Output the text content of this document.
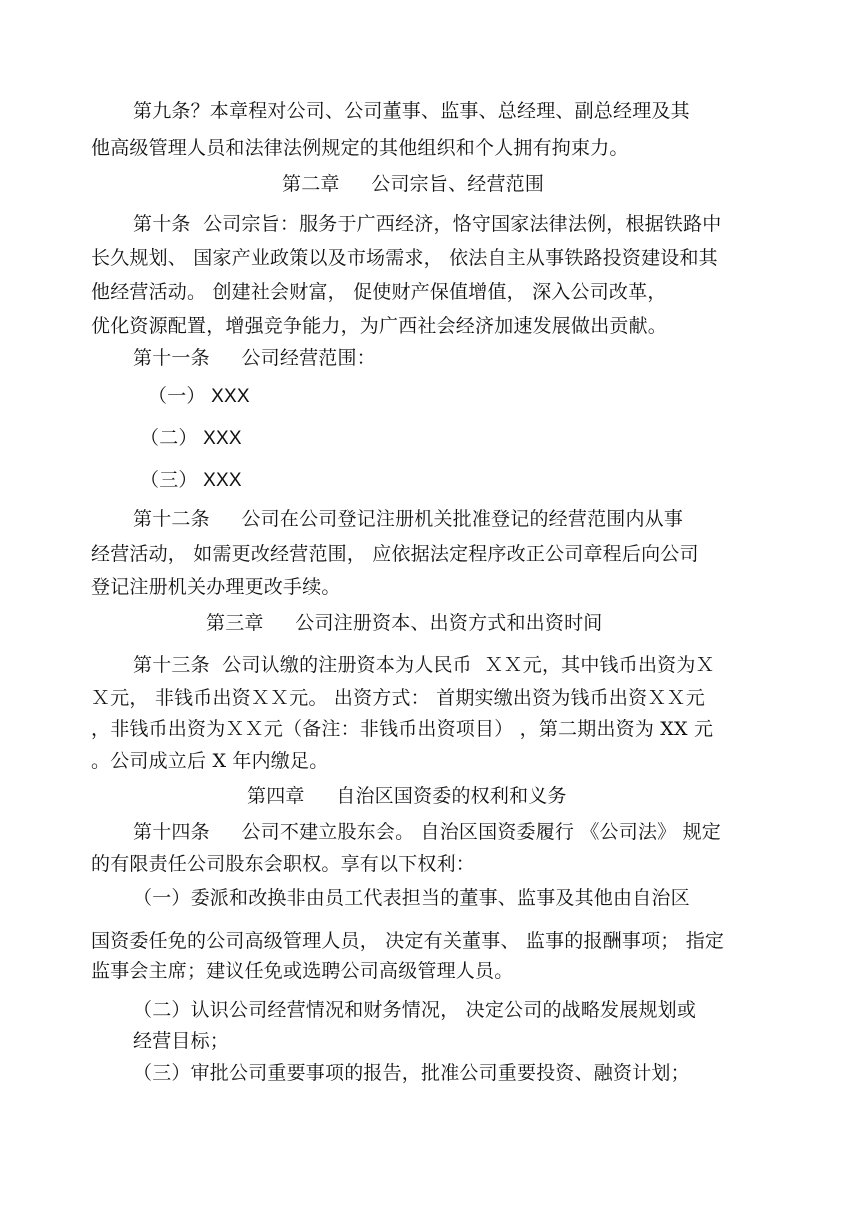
第九条？本章程对公司、公司董事、监事、总经理、副总经理及其
他高级管理人员和法律法例规定的其他组织和个人拥有拘束力。
第二章　  公司宗旨、经营范围
第十条  公司宗旨：服务于广西经济，恪守国家法律法例，根据铁路中
长久规划、 国家产业政策以及市场需求， 依法自主从事铁路投资建设和其
他经营活动。 创建社会财富， 促使财产保值增值， 深入公司改革，
优化资源配置，增强竞争能力，为广西社会经济加速发展做出贡献。
第十一条　  公司经营范围：
（一） XXX
（二） XXX
（三） XXX
第十二条　  公司在公司登记注册机关批准登记的经营范围内从事
经营活动， 如需更改经营范围， 应依据法定程序改正公司章程后向公司
登记注册机关办理更改手续。
第三章　  公司注册资本、出资方式和出资时间
第十三条  公司认缴的注册资本为人民币  ＸＸ元，其中钱币出资为Ｘ
Ｘ元， 非钱币出资ＸＸ元。 出资方式： 首期实缴出资为钱币出资ＸＸ元
，非钱币出资为ＸＸ元（备注：非钱币出资项目） ，第二期出资为 XX 元
。公司成立后 X 年内缴足。
第四章　  自治区国资委的权利和义务
第十四条　  公司不建立股东会。 自治区国资委履行 《公司法》 规定
的有限责任公司股东会职权。享有以下权利：
（一）委派和改换非由员工代表担当的董事、监事及其他由自治区
国资委任免的公司高级管理人员， 决定有关董事、 监事的报酬事项； 指定
监事会主席；建议任免或选聘公司高级管理人员。
（二）认识公司经营情况和财务情况， 决定公司的战略发展规划或
经营目标；
（三）审批公司重要事项的报告，批准公司重要投资、融资计划；
